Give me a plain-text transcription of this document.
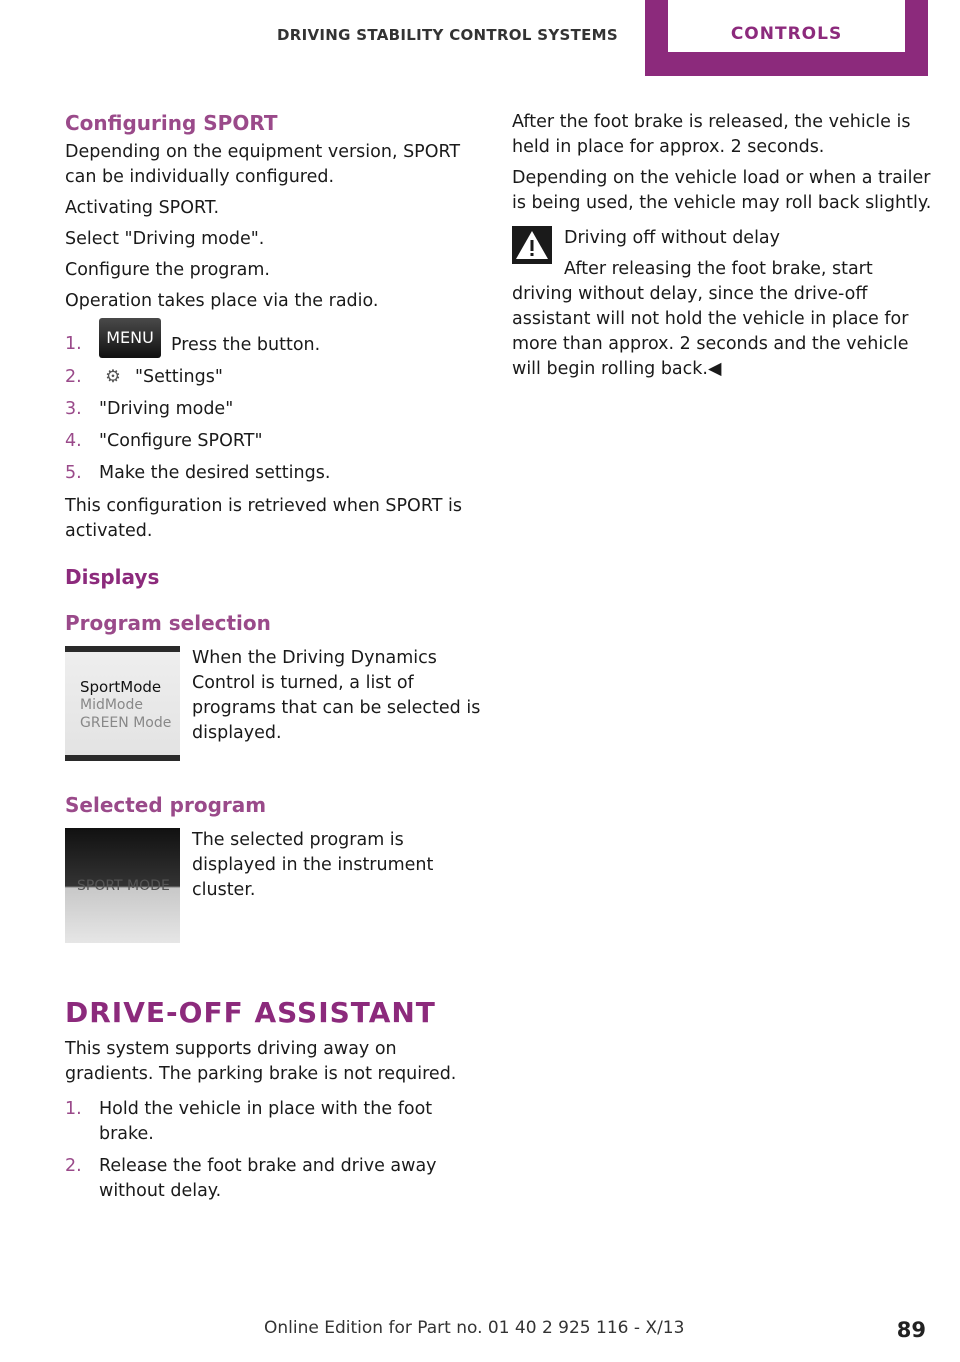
DRIVING STABILITY CONTROL SYSTEMS	CONTROLS
Configuring SPORT

Depending on the equipment version, SPORT can be individually configured.

Activating SPORT.

Select "Driving mode".

Configure the program.

Operation takes place via the radio.

1. MENU Press the button.
2. ⚙ "Settings"
3. "Driving mode"
4. "Configure SPORT"
5. Make the desired settings.

This configuration is retrieved when SPORT is activated.

Displays
Program selection
SportMode
MidMode
GREEN Mode

When the Driving Dynamics Control is turned, a list of programs that can be selected is displayed.

Selected program
SPORT MODE

The selected program is displayed in the instrument cluster.

DRIVE-OFF ASSISTANT

This system supports driving away on gradients. The parking brake is not required.

1. Hold the vehicle in place with the foot brake.
2. Release the foot brake and drive away without delay.

After the foot brake is released, the vehicle is held in place for approx. 2 seconds.

Depending on the vehicle load or when a trailer is being used, the vehicle may roll back slightly.

Driving off without delay

After releasing the foot brake, start driving without delay, since the drive-off assistant will not hold the vehicle in place for more than approx. 2 seconds and the vehicle will begin rolling back.◀

Online Edition for Part no. 01 40 2 925 116 - X/13	89
